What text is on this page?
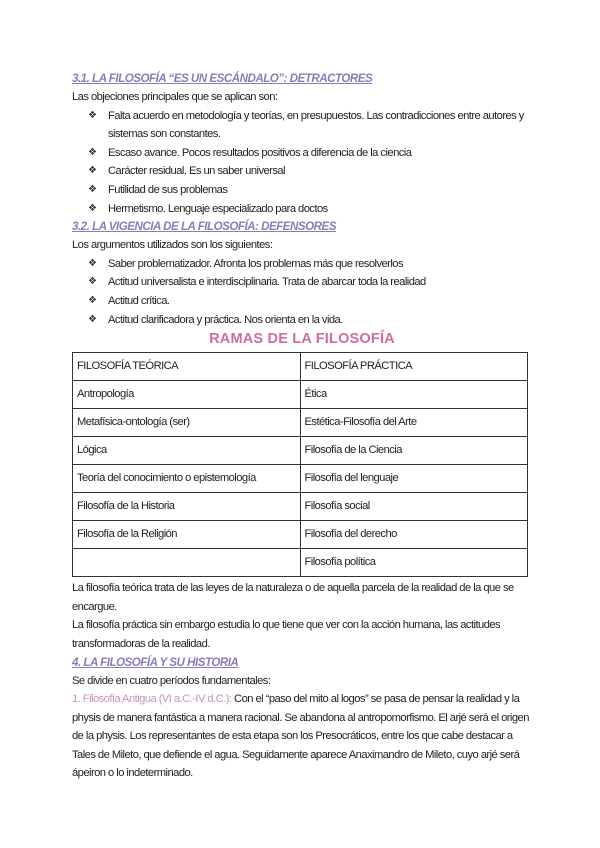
3.1. LA FILOSOFÍA “ES UN ESCÁNDALO”: DETRACTORES

Las objeciones principales que se aplican son:

❖ Falta acuerdo en metodología y teorías, en presupuestos. Las contradicciones entre autores y sistemas son constantes.
❖ Escaso avance. Pocos resultados positivos a diferencia de la ciencia
❖ Carácter residual. Es un saber universal
❖ Futilidad de sus problemas
❖ Hermetismo. Lenguaje especializado para doctos
3.2. LA VIGENCIA DE LA FILOSOFÍA: DEFENSORES

Los argumentos utilizados son los siguientes:

❖ Saber problematizador. Afronta los problemas más que resolverlos
❖ Actitud universalista e interdisciplinaria. Trata de abarcar toda la realidad
❖ Actitud crítica.
❖ Actitud clarificadora y práctica. Nos orienta en la vida.
RAMAS DE LA FILOSOFÍA
FILOSOFÍA TEÓRICA	FILOSOFÍA PRÁCTICA
Antropología	Ética
Metafísica-ontología (ser)	Estética-Filosofía del Arte
Lógica	Filosofía de la Ciencia
Teoría del conocimiento o epistemología	Filosofía del lenguaje
Filosofía de la Historia	Filosofía social
Filosofía de la Religión	Filosofía del derecho
	Filosofía política

La filosofía teórica trata de las leyes de la naturaleza o de aquella parcela de la realidad de la que se encargue.

La filosofía práctica sin embargo estudia lo que tiene que ver con la acción humana, las actitudes transformadoras de la realidad.

4. LA FILOSOFÍA Y SU HISTORIA

Se divide en cuatro períodos fundamentales:

1. Filosofía Antigua (VI a.C.-IV d.C.): Con el “paso del mito al logos” se pasa de pensar la realidad y la physis de manera fantástica a manera racional. Se abandona al antropomorfismo. El arjé será el origen de la physis. Los representantes de esta etapa son los Presocráticos, entre los que cabe destacar a Tales de Mileto, que defiende el agua. Seguidamente aparece Anaximandro de Mileto, cuyo arjé será ápeiron o lo indeterminado.
